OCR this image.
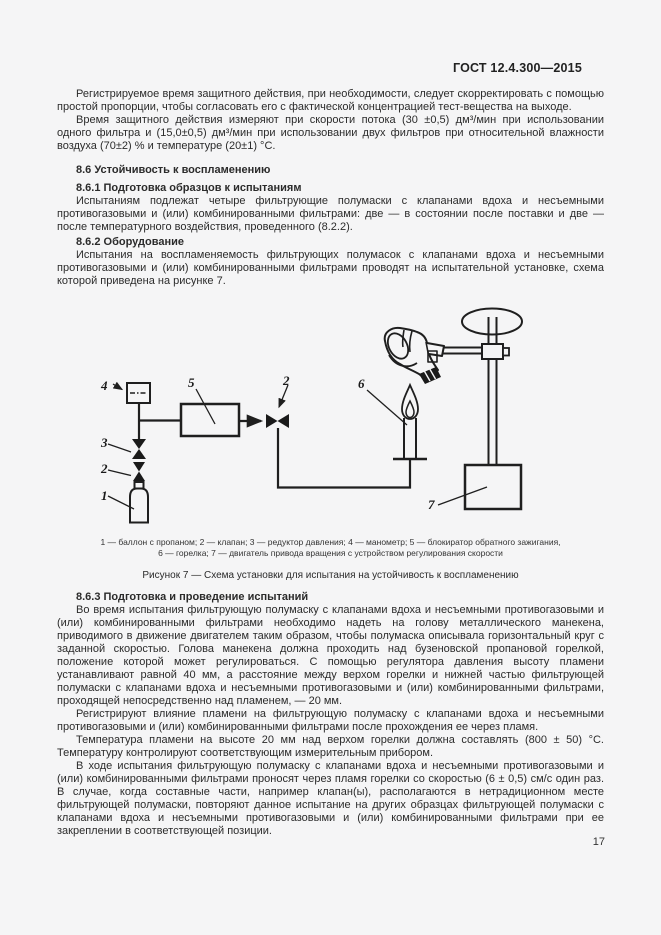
ГОСТ 12.4.300—2015

Регистрируемое время защитного действия, при необходимости, следует скорректировать с помощью простой пропорции, чтобы согласовать его с фактической концентрацией тест-вещества на выходе.

Время защитного действия измеряют при скорости потока (30 ±0,5) дм³/мин при использовании одного фильтра и (15,0±0,5) дм³/мин при использовании двух фильтров при относительной влажности воздуха (70±2) % и температуре (20±1) °С.

8.6 Устойчивость к воспламенению

8.6.1 Подготовка образцов к испытаниям

Испытаниям подлежат четыре фильтрующие полумаски с клапанами вдоха и несъемными противогазовыми и (или) комбинированными фильтрами: две — в состоянии после поставки и две — после температурного воздействия, проведенного (8.2.2).

8.6.2 Оборудование

Испытания на воспламеняемость фильтрующих полумасок с клапанами вдоха и несъемными противогазовыми и (или) комбинированными фильтрами проводят на испытательной установке, схема которой приведена на рисунке 7.

4
3
2
1
5	2	6
7
1 — баллон с пропаном; 2 — клапан; 3 — редуктор давления; 4 — манометр; 5 — блокиратор обратного зажигания,
6 — горелка; 7 — двигатель привода вращения с устройством регулирования скорости
Рисунок 7 — Схема установки для испытания на устойчивость к воспламенению

8.6.3 Подготовка и проведение испытаний

Во время испытания фильтрующую полумаску с клапанами вдоха и несъемными противогазовыми и (или) комбинированными фильтрами необходимо надеть на голову металлического манекена, приводимого в движение двигателем таким образом, чтобы полумаска описывала горизонтальный круг с заданной скоростью. Голова манекена должна проходить над бузеновской пропановой горелкой, положение которой может регулироваться. С помощью регулятора давления высоту пламени устанавливают равной 40 мм, а расстояние между верхом горелки и нижней частью фильтрующей полумаски с клапанами вдоха и несъемными противогазовыми и (или) комбинированными фильтрами, проходящей непосредственно над пламенем, — 20 мм.

Регистрируют влияние пламени на фильтрующую полумаску с клапанами вдоха и несъемными противогазовыми и (или) комбинированными фильтрами после прохождения ее через пламя.

Температура пламени на высоте 20 мм над верхом горелки должна составлять (800 ± 50) °С. Температуру контролируют соответствующим измерительным прибором.

В ходе испытания фильтрующую полумаску с клапанами вдоха и несъемными противогазовыми и (или) комбинированными фильтрами проносят через пламя горелки со скоростью (6 ± 0,5) см/с один раз. В случае, когда составные части, например клапан(ы), располагаются в нетрадиционном месте фильтрующей полумаски, повторяют данное испытание на других образцах фильтрующей полумаски с клапанами вдоха и несъемными противогазовыми и (или) комбинированными фильтрами при ее закреплении в соответствующей позиции.

17
